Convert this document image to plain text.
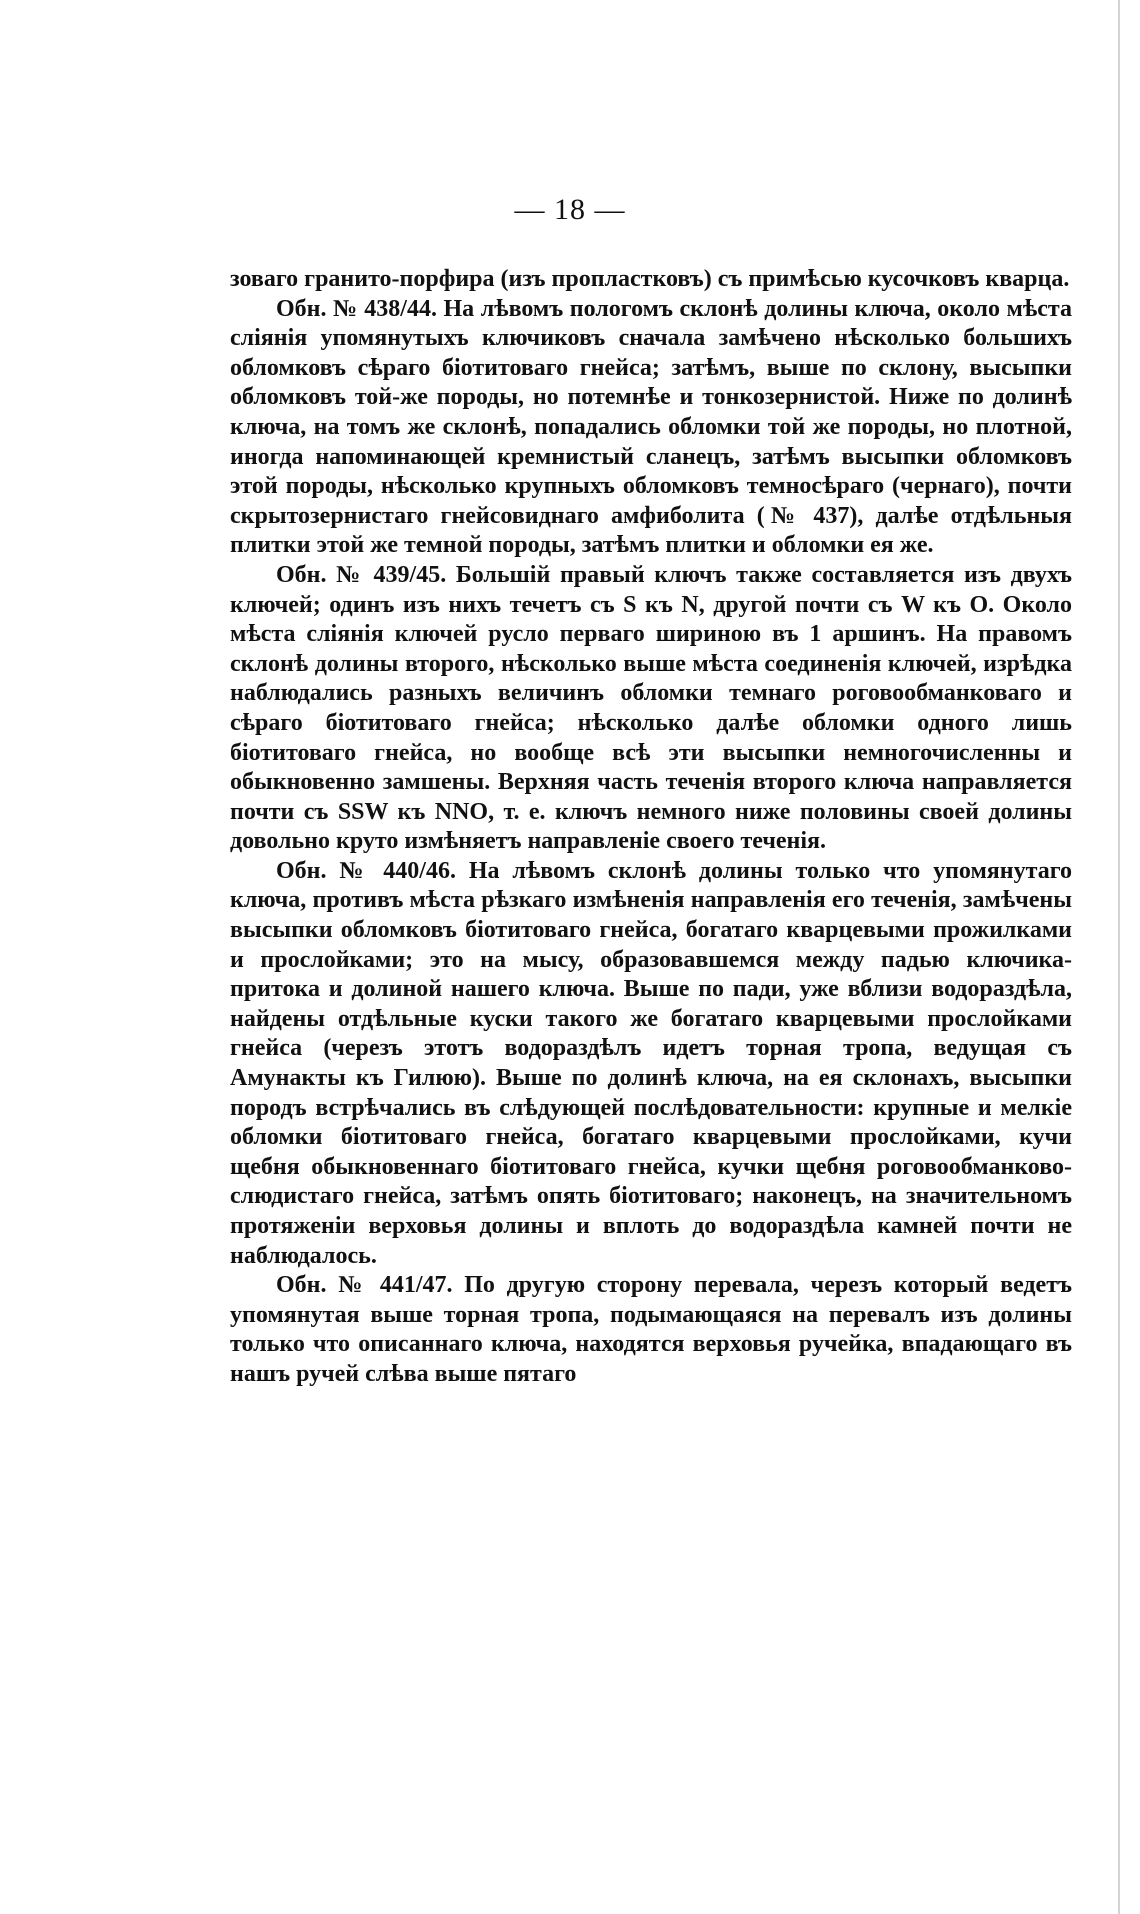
— 18 —

зоваго гранито-порфира (изъ пропластковъ) съ примѣсью кусочковъ кварца.

Обн. № 438/44. На лѣвомъ пологомъ склонѣ долины ключа, около мѣста сліянія упомянутыхъ ключиковъ сначала замѣчено нѣсколько большихъ обломковъ сѣраго біотитоваго гнейса; затѣмъ, выше по склону, высыпки обломковъ той-же породы, но потемнѣе и тонкозернистой. Ниже по долинѣ ключа, на томъ же склонѣ, попадались обломки той же породы, но плотной, иногда напоминающей кремнистый сланецъ, затѣмъ высыпки обломковъ этой породы, нѣсколько крупныхъ обломковъ темносѣраго (чернаго), почти скрытозернистаго гнейсовиднаго амфиболита (№ 437), далѣе отдѣльныя плитки этой же темной породы, затѣмъ плитки и обломки ея же.

Обн. № 439/45. Большій правый ключъ также составляется изъ двухъ ключей; одинъ изъ нихъ течетъ съ S къ N, другой почти съ W къ O. Около мѣста сліянія ключей русло перваго шириною въ 1 аршинъ. На правомъ склонѣ долины второго, нѣсколько выше мѣста соединенія ключей, изрѣдка наблюдались разныхъ величинъ обломки темнаго роговообманковаго и сѣраго біотитоваго гнейса; нѣсколько далѣе обломки одного лишь біотитоваго гнейса, но вообще всѣ эти высыпки немногочисленны и обыкновенно замшены. Верхняя часть теченія второго ключа направляется почти съ SSW къ NNO, т. е. ключъ немного ниже половины своей долины довольно круто измѣняетъ направленіе своего теченія.

Обн. № 440/46. На лѣвомъ склонѣ долины только что упомянутаго ключа, противъ мѣста рѣзкаго измѣненія направленія его теченія, замѣчены высыпки обломковъ біотитоваго гнейса, богатаго кварцевыми прожилками и прослойками; это на мысу, образовавшемся между падью ключика-притока и долиной нашего ключа. Выше по пади, уже вблизи водораздѣла, найдены отдѣльные куски такого же богатаго кварцевыми прослойками гнейса (черезъ этотъ водораздѣлъ идетъ торная тропа, ведущая съ Амунакты къ Гилюю). Выше по долинѣ ключа, на ея склонахъ, высыпки породъ встрѣчались въ слѣдующей послѣдовательности: крупные и мелкіе обломки біотитоваго гнейса, богатаго кварцевыми прослойками, кучи щебня обыкновеннаго біотитоваго гнейса, кучки щебня роговообманково-слюдистаго гнейса, затѣмъ опять біотитоваго; наконецъ, на значительномъ протяженіи верховья долины и вплоть до водораздѣла камней почти не наблюдалось.

Обн. № 441/47. По другую сторону перевала, черезъ который ведетъ упомянутая выше торная тропа, подымающаяся на перевалъ изъ долины только что описаннаго ключа, находятся верховья ручейка, впадающаго въ нашъ ручей слѣва выше пятаго
